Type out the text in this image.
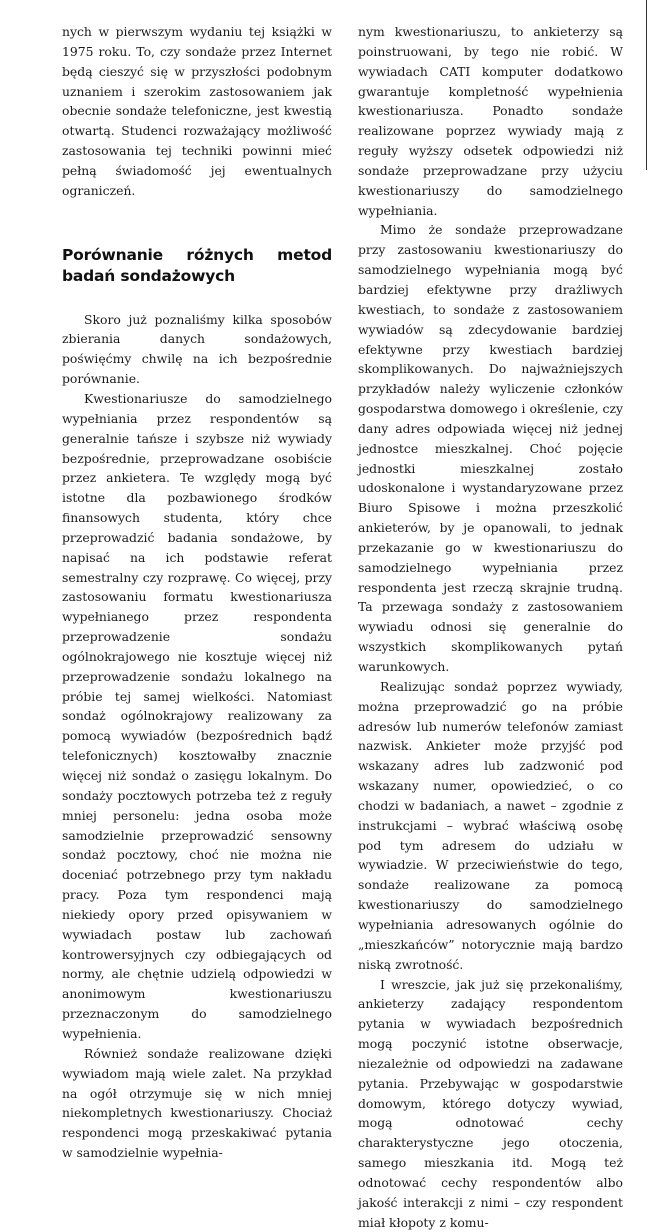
nych w pierwszym wydaniu tej książki w 1975 roku. To, czy sondaże przez Internet będą cieszyć się w przyszłości podobnym uznaniem i szerokim zastosowaniem jak obecnie sondaże telefoniczne, jest kwestią otwartą. Studenci rozważający możliwość zastosowania tej techniki powinni mieć pełną świadomość jej ewentualnych ograniczeń.

Porównanie różnych metod badań sondażowych

Skoro już poznaliśmy kilka sposobów zbierania danych sondażowych, poświęćmy chwilę na ich bezpośrednie porównanie.

Kwestionariusze do samodzielnego wypełniania przez respondentów są generalnie tańsze i szybsze niż wywiady bezpośrednie, przeprowadzane osobiście przez ankietera. Te względy mogą być istotne dla pozbawionego środków finansowych studenta, który chce przeprowadzić badania sondażowe, by napisać na ich podstawie referat semestralny czy rozprawę. Co więcej, przy zastosowaniu formatu kwestionariusza wypełnianego przez respondenta przeprowadzenie sondażu ogólnokrajowego nie kosztuje więcej niż przeprowadzenie sondażu lokalnego na próbie tej samej wielkości. Natomiast sondaż ogólnokrajowy realizowany za pomocą wywiadów (bezpośrednich bądź telefonicznych) kosztowałby znacznie więcej niż sondaż o zasięgu lokalnym. Do sondaży pocztowych potrzeba też z reguły mniej personelu: jedna osoba może samodzielnie przeprowadzić sensowny sondaż pocztowy, choć nie można nie doceniać potrzebnego przy tym nakładu pracy. Poza tym respondenci mają niekiedy opory przed opisywaniem w wywiadach postaw lub zachowań kontrowersyjnych czy odbiegających od normy, ale chętnie udzielą odpowiedzi w anonimowym kwestionariuszu przeznaczonym do samodzielnego wypełnienia.

Również sondaże realizowane dzięki wywiadom mają wiele zalet. Na przykład na ogół otrzymuje się w nich mniej niekompletnych kwestionariuszy. Chociaż respondenci mogą przeskakiwać pytania w samodzielnie wypełnia-

nym kwestionariuszu, to ankieterzy są poinstruowani, by tego nie robić. W wywiadach CATI komputer dodatkowo gwarantuje kompletność wypełnienia kwestionariusza. Ponadto sondaże realizowane poprzez wywiady mają z reguły wyższy odsetek odpowiedzi niż sondaże przeprowadzane przy użyciu kwestionariuszy do samodzielnego wypełniania.

Mimo że sondaże przeprowadzane przy zastosowaniu kwestionariuszy do samodzielnego wypełniania mogą być bardziej efektywne przy drażliwych kwestiach, to sondaże z zastosowaniem wywiadów są zdecydowanie bardziej efektywne przy kwestiach bardziej skomplikowanych. Do najważniejszych przykładów należy wyliczenie członków gospodarstwa domowego i określenie, czy dany adres odpowiada więcej niż jednej jednostce mieszkalnej. Choć pojęcie jednostki mieszkalnej zostało udoskonalone i wystandaryzowane przez Biuro Spisowe i można przeszkolić ankieterów, by je opanowali, to jednak przekazanie go w kwestionariuszu do samodzielnego wypełniania przez respondenta jest rzeczą skrajnie trudną. Ta przewaga sondaży z zastosowaniem wywiadu odnosi się generalnie do wszystkich skomplikowanych pytań warunkowych.

Realizując sondaż poprzez wywiady, można przeprowadzić go na próbie adresów lub numerów telefonów zamiast nazwisk. Ankieter może przyjść pod wskazany adres lub zadzwonić pod wskazany numer, opowiedzieć, o co chodzi w badaniach, a nawet – zgodnie z instrukcjami – wybrać właściwą osobę pod tym adresem do udziału w wywiadzie. W przeciwieństwie do tego, sondaże realizowane za pomocą kwestionariuszy do samodzielnego wypełniania adresowanych ogólnie do „mieszkańców” notorycznie mają bardzo niską zwrotność.

I wreszcie, jak już się przekonaliśmy, ankieterzy zadający respondentom pytania w wywiadach bezpośrednich mogą poczynić istotne obserwacje, niezależnie od odpowiedzi na zadawane pytania. Przebywając w gospodarstwie domowym, którego dotyczy wywiad, mogą odnotować cechy charakterystyczne jego otoczenia, samego mieszkania itd. Mogą też odnotować cechy respondentów albo jakość interakcji z nimi – czy respondent miał kłopoty z komu-
